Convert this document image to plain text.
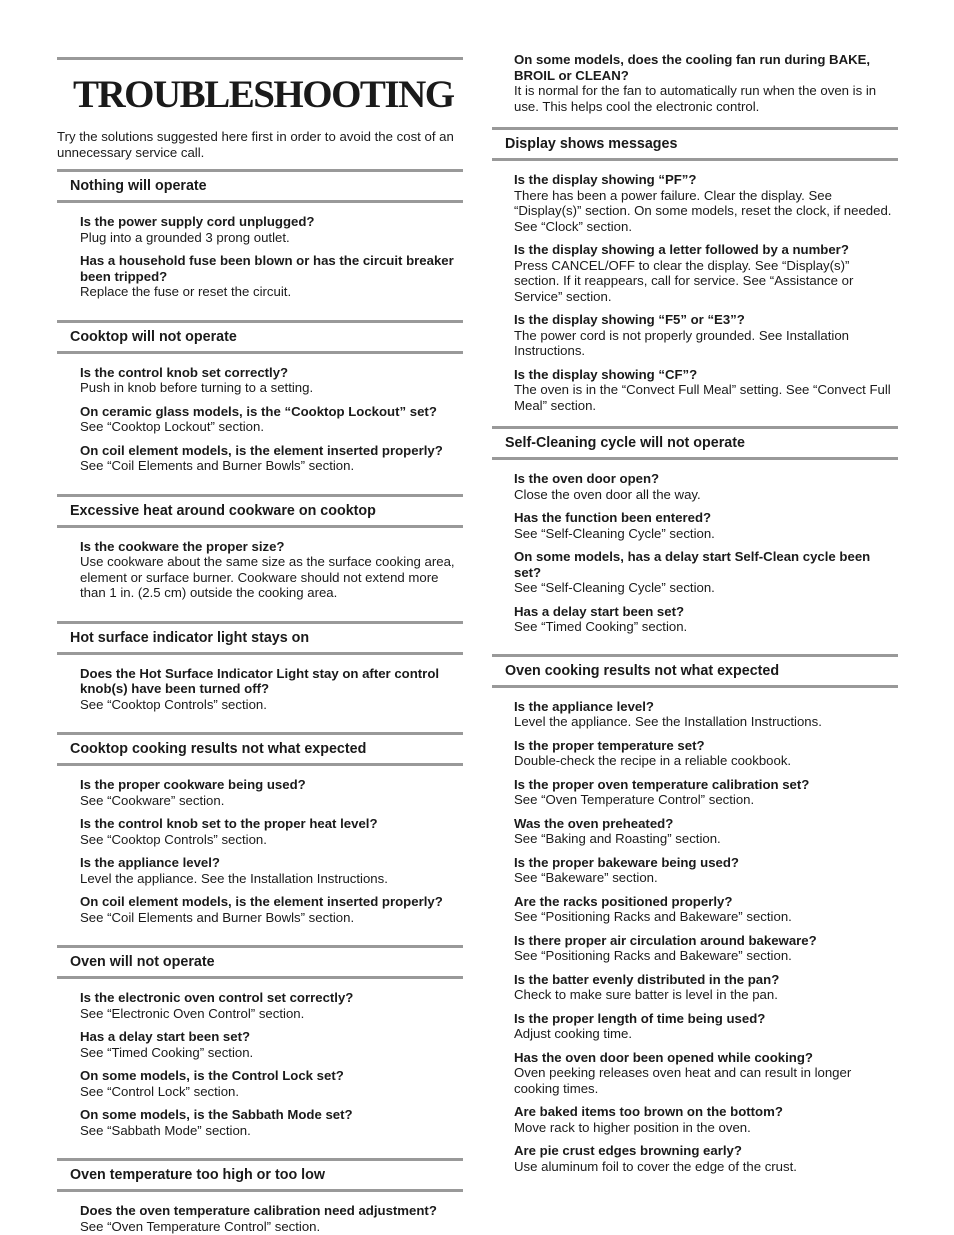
TROUBLESHOOTING
Try the solutions suggested here first in order to avoid the cost of an unnecessary service call.
Nothing will operate
Is the power supply cord unplugged?
Plug into a grounded 3 prong outlet.
Has a household fuse been blown or has the circuit breaker been tripped?
Replace the fuse or reset the circuit.
Cooktop will not operate
Is the control knob set correctly?
Push in knob before turning to a setting.
On ceramic glass models, is the “Cooktop Lockout” set?
See “Cooktop Lockout” section.
On coil element models, is the element inserted properly?
See “Coil Elements and Burner Bowls” section.
Excessive heat around cookware on cooktop
Is the cookware the proper size?
Use cookware about the same size as the surface cooking area, element or surface burner. Cookware should not extend more than 1 in. (2.5 cm) outside the cooking area.
Hot surface indicator light stays on
Does the Hot Surface Indicator Light stay on after control knob(s) have been turned off?
See “Cooktop Controls” section.
Cooktop cooking results not what expected
Is the proper cookware being used?
See “Cookware” section.
Is the control knob set to the proper heat level?
See “Cooktop Controls” section.
Is the appliance level?
Level the appliance. See the Installation Instructions.
On coil element models, is the element inserted properly?
See “Coil Elements and Burner Bowls” section.
Oven will not operate
Is the electronic oven control set correctly?
See “Electronic Oven Control” section.
Has a delay start been set?
See “Timed Cooking” section.
On some models, is the Control Lock set?
See “Control Lock” section.
On some models, is the Sabbath Mode set?
See “Sabbath Mode” section.
Oven temperature too high or too low
Does the oven temperature calibration need adjustment?
See “Oven Temperature Control” section.
On some models, does the cooling fan run during BAKE, BROIL or CLEAN?
It is normal for the fan to automatically run when the oven is in use. This helps cool the electronic control.
Display shows messages
Is the display showing “PF”?
There has been a power failure. Clear the display. See “Display(s)” section. On some models, reset the clock, if needed. See “Clock” section.
Is the display showing a letter followed by a number?
Press CANCEL/OFF to clear the display. See “Display(s)” section. If it reappears, call for service. See “Assistance or Service” section.
Is the display showing “F5” or “E3”?
The power cord is not properly grounded. See Installation Instructions.
Is the display showing “CF”?
The oven is in the “Convect Full Meal” setting. See “Convect Full Meal” section.
Self-Cleaning cycle will not operate
Is the oven door open?
Close the oven door all the way.
Has the function been entered?
See “Self-Cleaning Cycle” section.
On some models, has a delay start Self-Clean cycle been set?
See “Self-Cleaning Cycle” section.
Has a delay start been set?
See “Timed Cooking” section.
Oven cooking results not what expected
Is the appliance level?
Level the appliance. See the Installation Instructions.
Is the proper temperature set?
Double-check the recipe in a reliable cookbook.
Is the proper oven temperature calibration set?
See “Oven Temperature Control” section.
Was the oven preheated?
See “Baking and Roasting” section.
Is the proper bakeware being used?
See “Bakeware” section.
Are the racks positioned properly?
See “Positioning Racks and Bakeware” section.
Is there proper air circulation around bakeware?
See “Positioning Racks and Bakeware” section.
Is the batter evenly distributed in the pan?
Check to make sure batter is level in the pan.
Is the proper length of time being used?
Adjust cooking time.
Has the oven door been opened while cooking?
Oven peeking releases oven heat and can result in longer cooking times.
Are baked items too brown on the bottom?
Move rack to higher position in the oven.
Are pie crust edges browning early?
Use aluminum foil to cover the edge of the crust.
